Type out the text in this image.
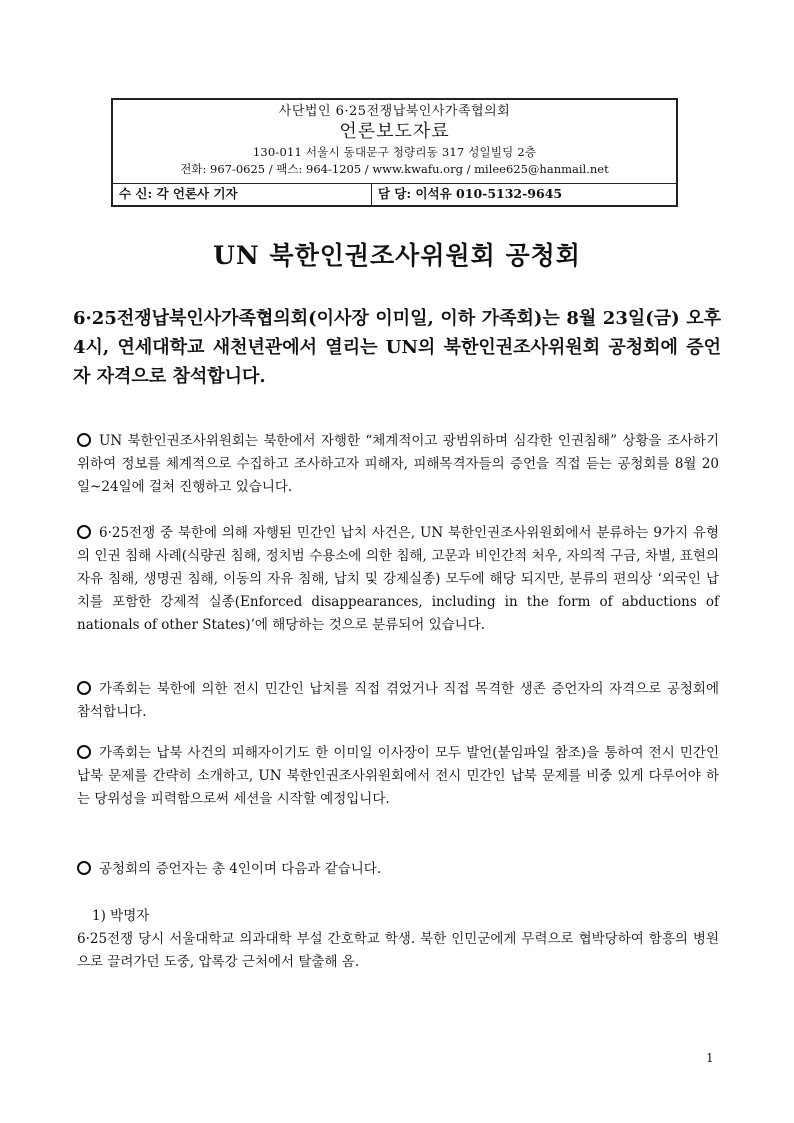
사단법인 6·25전쟁납북인사가족협의회
언론보도자료
130-011 서울시 동대문구 청량리동 317 성일빌딩 2층
전화: 967-0625 / 팩스: 964-1205 / www.kwafu.org / milee625@hanmail.net
수 신: 각 언론사 기자	담 당: 이석유 010-5132-9645
UN 북한인권조사위원회 공청회
6·25전쟁납북인사가족협의회(이사장 이미일, 이하 가족회)는 8월 23일(금) 오후 4시, 연세대학교 새천년관에서 열리는 UN의 북한인권조사위원회 공청회에 증언자 자격으로 참석합니다.
UN 북한인권조사위원회는 북한에서 자행한 “체계적이고 광범위하며 심각한 인권침해” 상황을 조사하기 위하여 정보를 체계적으로 수집하고 조사하고자 피해자, 피해목격자들의 증언을 직접 듣는 공청회를 8월 20일~24일에 걸쳐 진행하고 있습니다.
6·25전쟁 중 북한에 의해 자행된 민간인 납치 사건은, UN 북한인권조사위원회에서 분류하는 9가지 유형의 인권 침해 사례(식량권 침해, 정치범 수용소에 의한 침해, 고문과 비인간적 처우, 자의적 구금, 차별, 표현의 자유 침해, 생명권 침해, 이동의 자유 침해, 납치 및 강제실종) 모두에 해당 되지만, 분류의 편의상 ‘외국인 납치를 포함한 강제적 실종(Enforced disappearances, including in the form of abductions of nationals of other States)’에 해당하는 것으로 분류되어 있습니다.
가족회는 북한에 의한 전시 민간인 납치를 직접 겪었거나 직접 목격한 생존 증언자의 자격으로 공청회에 참석합니다.
가족회는 납북 사건의 피해자이기도 한 이미일 이사장이 모두 발언(붙임파일 참조)을 통하여 전시 민간인 납북 문제를 간략히 소개하고, UN 북한인권조사위원회에서 전시 민간인 납북 문제를 비중 있게 다루어야 하는 당위성을 피력함으로써 세션을 시작할 예정입니다.
공청회의 증언자는 총 4인이며 다음과 같습니다.
1) 박명자
6·25전쟁 당시 서울대학교 의과대학 부설 간호학교 학생. 북한 인민군에게 무력으로 협박당하여 함흥의 병원으로 끌려가던 도중, 압록강 근처에서 탈출해 옴.
1
